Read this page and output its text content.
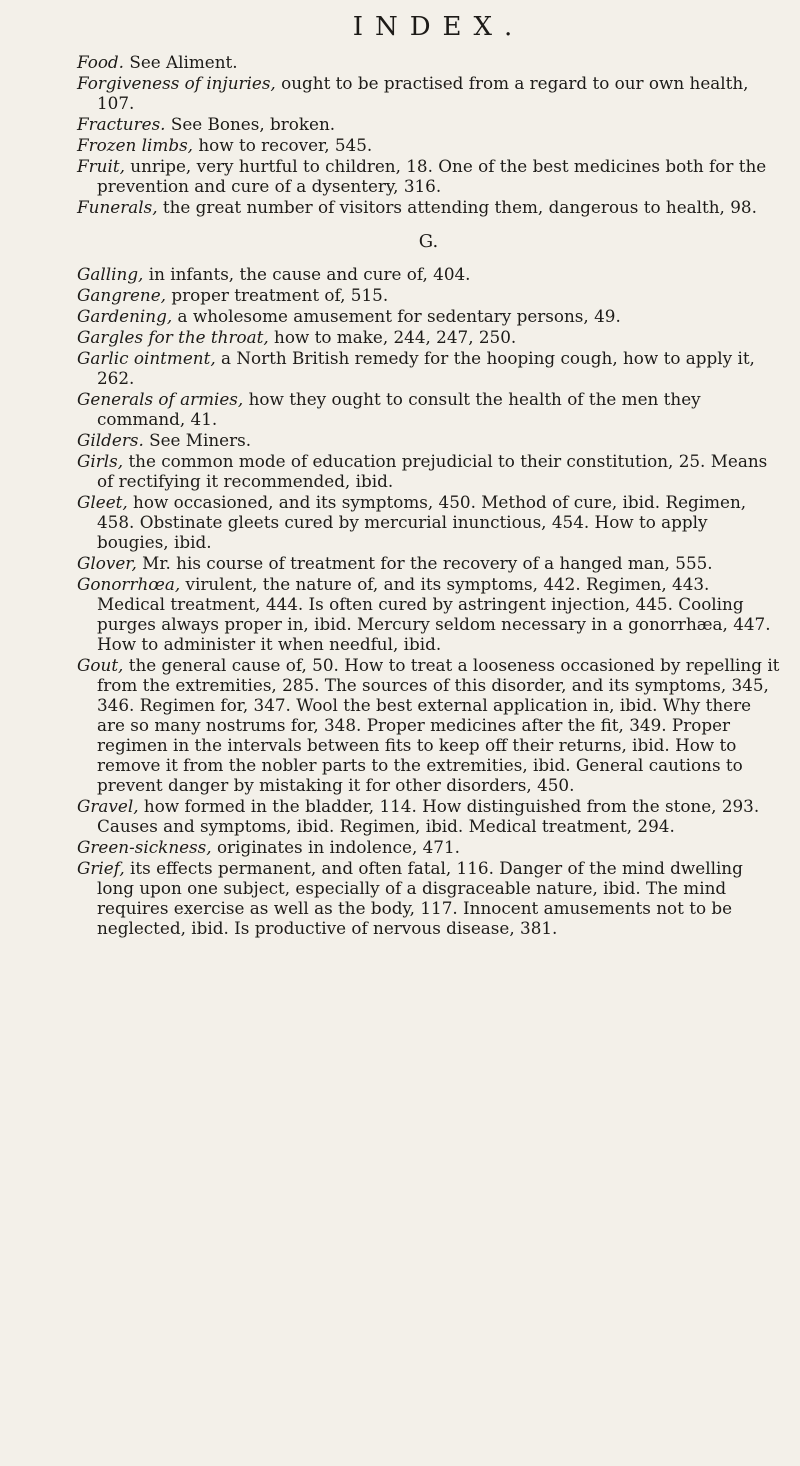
INDEX.

Food. See Aliment.

Forgiveness of injuries, ought to be practised from a regard to our own health, 107.

Fractures. See Bones, broken.

Frozen limbs, how to recover, 545.

Fruit, unripe, very hurtful to children, 18. One of the best medicines both for the prevention and cure of a dysentery, 316.

Funerals, the great number of visitors attending them, dangerous to health, 98.

G.

Galling, in infants, the cause and cure of, 404.

Gangrene, proper treatment of, 515.

Gardening, a wholesome amusement for sedentary persons, 49.

Gargles for the throat, how to make, 244, 247, 250.

Garlic ointment, a North British remedy for the hooping cough, how to apply it, 262.

Generals of armies, how they ought to consult the health of the men they command, 41.

Gilders. See Miners.

Girls, the common mode of education prejudicial to their constitution, 25. Means of rectifying it recommended, ibid.

Gleet, how occasioned, and its symptoms, 450. Method of cure, ibid. Regimen, 458. Obstinate gleets cured by mercurial inunctious, 454. How to apply bougies, ibid.

Glover, Mr. his course of treatment for the recovery of a hanged man, 555.

Gonorrhœa, virulent, the nature of, and its symptoms, 442. Regimen, 443. Medical treatment, 444. Is often cured by astringent injection, 445. Cooling purges always proper in, ibid. Mercury seldom necessary in a gonorrhæa, 447. How to administer it when needful, ibid.

Gout, the general cause of, 50. How to treat a looseness occasioned by repelling it from the extremities, 285. The sources of this disorder, and its symptoms, 345, 346. Regimen for, 347. Wool the best external application in, ibid. Why there are so many nostrums for, 348. Proper medicines after the fit, 349. Proper regimen in the intervals between fits to keep off their returns, ibid. How to remove it from the nobler parts to the extremities, ibid. General cautions to prevent danger by mistaking it for other disorders, 450.

Gravel, how formed in the bladder, 114. How distinguished from the stone, 293. Causes and symptoms, ibid. Regimen, ibid. Medical treatment, 294.

Green-sickness, originates in indolence, 471.

Grief, its effects permanent, and often fatal, 116. Danger of the mind dwelling long upon one subject, especially of a disgraceable nature, ibid. The mind requires exercise as well as the body, 117. Innocent amusements not to be neglected, ibid. Is productive of nervous disease, 381.
